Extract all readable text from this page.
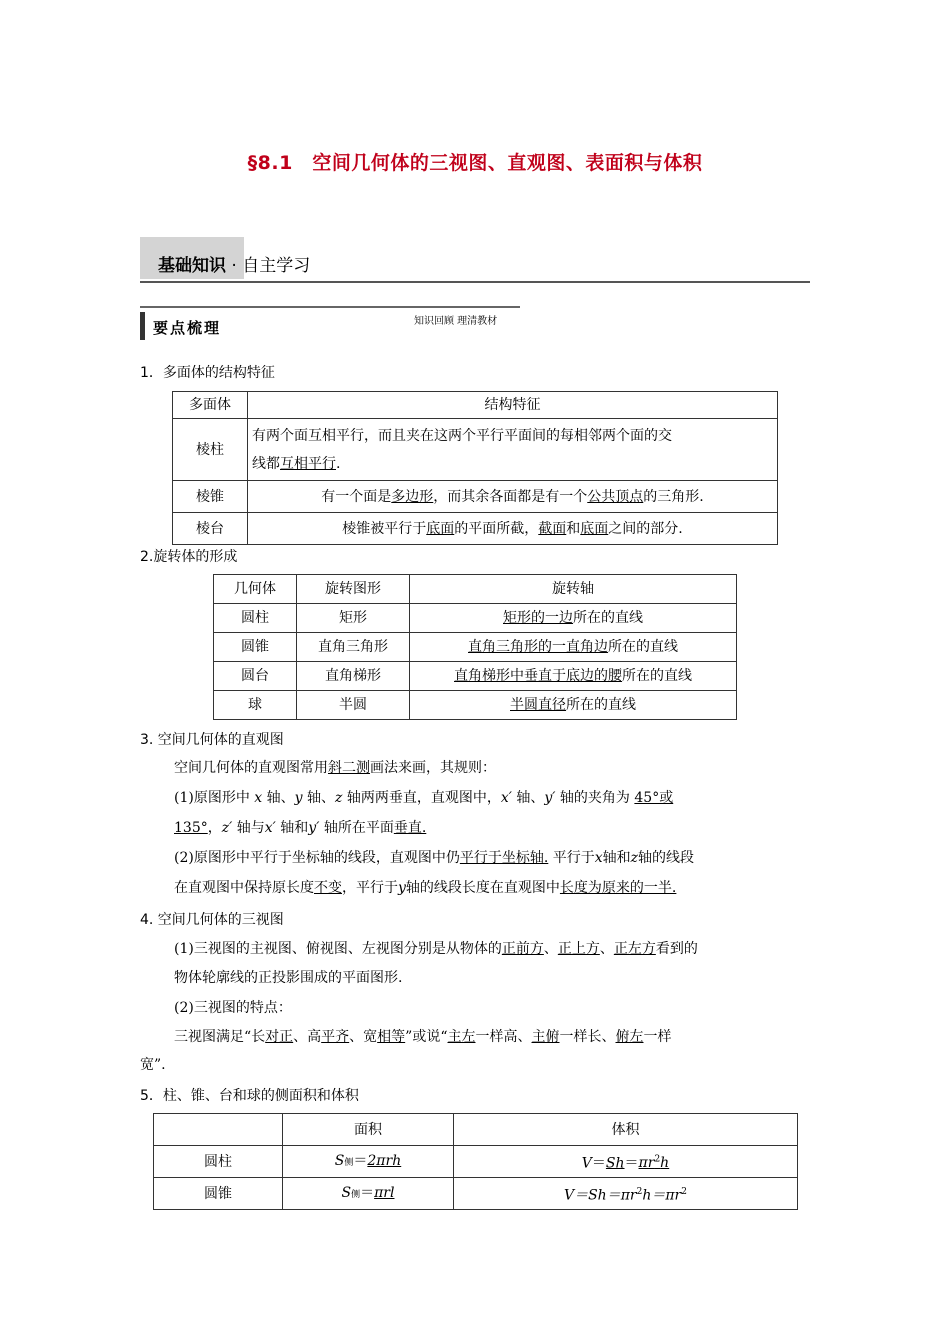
§8.1　空间几何体的三视图、直观图、表面积与体积
基础知识 · 自主学习
要点梳理	知识回顾 理清教材
1．多面体的结构特征
多面体	结构特征
棱柱	有两个面互相平行，而且夹在这两个平行平面间的每相邻两个面的交
线都互相平行.

棱锥	有一个面是多边形，而其余各面都是有一个公共顶点的三角形.
棱台	棱锥被平行于底面的平面所截，截面和底面之间的部分.
2.旋转体的形成
几何体	旋转图形	旋转轴
圆柱	矩形	矩形的一边所在的直线
圆锥	直角三角形	直角三角形的一直角边所在的直线
圆台	直角梯形	直角梯形中垂直于底边的腰所在的直线
球	半圆	半圆直径所在的直线
3. 空间几何体的直观图
空间几何体的直观图常用斜二测画法来画，其规则：
(1)原图形中 x 轴、y 轴、z 轴两两垂直，直观图中，x′ 轴、y′ 轴的夹角为 45°或
135°，z′ 轴与x′ 轴和y′ 轴所在平面垂直.
(2)原图形中平行于坐标轴的线段，直观图中仍平行于坐标轴. 平行于x轴和z轴的线段
在直观图中保持原长度不变，平行于y轴的线段长度在直观图中长度为原来的一半.
4. 空间几何体的三视图
(1)三视图的主视图、俯视图、左视图分别是从物体的正前方、正上方、正左方看到的
物体轮廓线的正投影围成的平面图形.
(2)三视图的特点：
三视图满足“长对正、高平齐、宽相等”或说“主左一样高、主俯一样长、俯左一样
宽”.
5．柱、锥、台和球的侧面积和体积
	面积	体积
圆柱	S侧＝2πrh	$V=Sh=\pi r^2h$
圆锥	S侧＝πrl	$V=Sh=\pi r^2h=\pi r^2$
